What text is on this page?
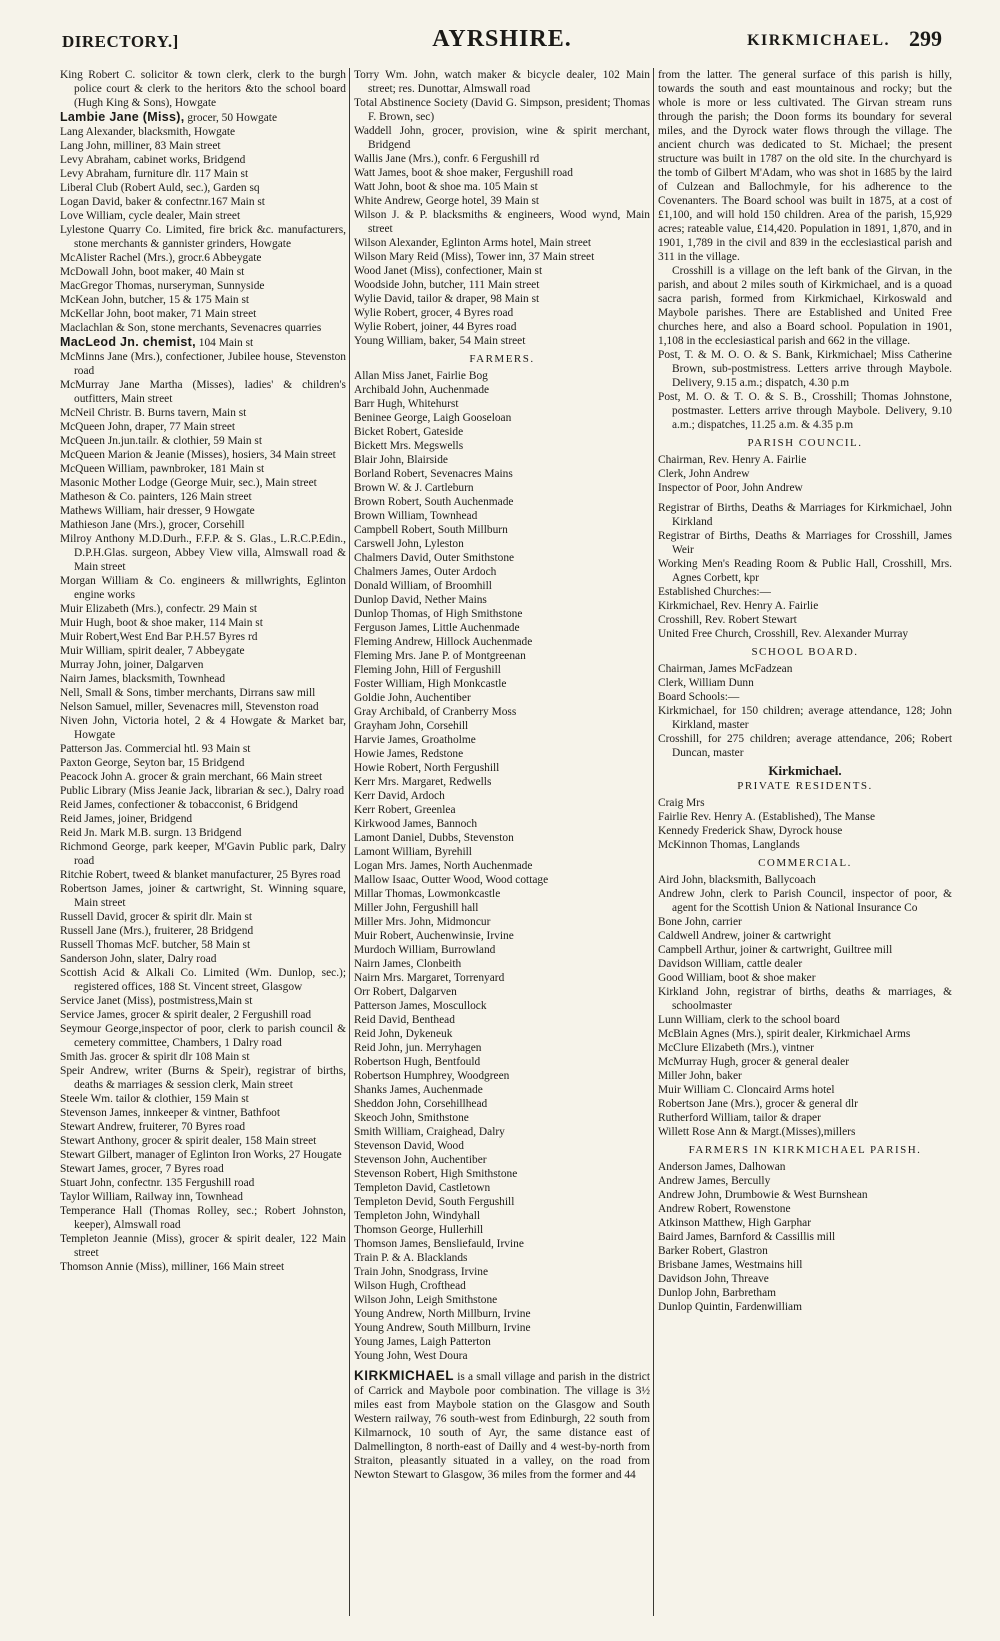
DIRECTORY.]	AYRSHIRE.	KIRKMICHAEL. 299

King Robert C. solicitor & town clerk, clerk to the burgh police court & clerk to the heritors &to the school board (Hugh King & Sons), Howgate

Lambie Jane (Miss), grocer, 50 Howgate

Lang Alexander, blacksmith, Howgate

Lang John, milliner, 83 Main street

Levy Abraham, cabinet works, Bridgend

Levy Abraham, furniture dlr. 117 Main st

Liberal Club (Robert Auld, sec.), Garden sq

Logan David, baker & confectnr.167 Main st

Love William, cycle dealer, Main street

Lylestone Quarry Co. Limited, fire brick &c. manufacturers, stone merchants & gannister grinders, Howgate

McAlister Rachel (Mrs.), grocr.6 Abbeygate

McDowall John, boot maker, 40 Main st

MacGregor Thomas, nurseryman, Sunnyside

McKean John, butcher, 15 & 175 Main st

McKellar John, boot maker, 71 Main street

Maclachlan & Son, stone merchants, Sevenacres quarries

MacLeod Jn. chemist, 104 Main st

McMinns Jane (Mrs.), confectioner, Jubilee house, Stevenston road

McMurray Jane Martha (Misses), ladies' & children's outfitters, Main street

McNeil Christr. B. Burns tavern, Main st

McQueen John, draper, 77 Main street

McQueen Jn.jun.tailr. & clothier, 59 Main st

McQueen Marion & Jeanie (Misses), hosiers, 34 Main street

McQueen William, pawnbroker, 181 Main st

Masonic Mother Lodge (George Muir, sec.), Main street

Matheson & Co. painters, 126 Main street

Mathews William, hair dresser, 9 Howgate

Mathieson Jane (Mrs.), grocer, Corsehill

Milroy Anthony M.D.Durh., F.F.P. & S. Glas., L.R.C.P.Edin., D.P.H.Glas. surgeon, Abbey View villa, Almswall road & Main street

Morgan William & Co. engineers & millwrights, Eglinton engine works

Muir Elizabeth (Mrs.), confectr. 29 Main st

Muir Hugh, boot & shoe maker, 114 Main st

Muir Robert,West End Bar P.H.57 Byres rd

Muir William, spirit dealer, 7 Abbeygate

Murray John, joiner, Dalgarven

Nairn James, blacksmith, Townhead

Nell, Small & Sons, timber merchants, Dirrans saw mill

Nelson Samuel, miller, Sevenacres mill, Stevenston road

Niven John, Victoria hotel, 2 & 4 Howgate & Market bar, Howgate

Patterson Jas. Commercial htl. 93 Main st

Paxton George, Seyton bar, 15 Bridgend

Peacock John A. grocer & grain merchant, 66 Main street

Public Library (Miss Jeanie Jack, librarian & sec.), Dalry road

Reid James, confectioner & tobacconist, 6 Bridgend

Reid James, joiner, Bridgend

Reid Jn. Mark M.B. surgn. 13 Bridgend

Richmond George, park keeper, M'Gavin Public park, Dalry road

Ritchie Robert, tweed & blanket manufacturer, 25 Byres road

Robertson James, joiner & cartwright, St. Winning square, Main street

Russell David, grocer & spirit dlr. Main st

Russell Jane (Mrs.), fruiterer, 28 Bridgend

Russell Thomas McF. butcher, 58 Main st

Sanderson John, slater, Dalry road

Scottish Acid & Alkali Co. Limited (Wm. Dunlop, sec.); registered offices, 188 St. Vincent street, Glasgow

Service Janet (Miss), postmistress,Main st

Service James, grocer & spirit dealer, 2 Fergushill road

Seymour George,inspector of poor, clerk to parish council & cemetery committee, Chambers, 1 Dalry road

Smith Jas. grocer & spirit dlr 108 Main st

Speir Andrew, writer (Burns & Speir), registrar of births, deaths & marriages & session clerk, Main street

Steele Wm. tailor & clothier, 159 Main st

Stevenson James, innkeeper & vintner, Bathfoot

Stewart Andrew, fruiterer, 70 Byres road

Stewart Anthony, grocer & spirit dealer, 158 Main street

Stewart Gilbert, manager of Eglinton Iron Works, 27 Hougate

Stewart James, grocer, 7 Byres road

Stuart John, confectnr. 135 Fergushill road

Taylor William, Railway inn, Townhead

Temperance Hall (Thomas Rolley, sec.; Robert Johnston, keeper), Almswall road

Templeton Jeannie (Miss), grocer & spirit dealer, 122 Main street

Thomson Annie (Miss), milliner, 166 Main street

Torry Wm. John, watch maker & bicycle dealer, 102 Main street; res. Dunottar, Almswall road

Total Abstinence Society (David G. Simpson, president; Thomas F. Brown, sec)

Waddell John, grocer, provision, wine & spirit merchant, Bridgend

Wallis Jane (Mrs.), confr. 6 Fergushill rd

Watt James, boot & shoe maker, Fergushill road

Watt John, boot & shoe ma. 105 Main st

White Andrew, George hotel, 39 Main st

Wilson J. & P. blacksmiths & engineers, Wood wynd, Main street

Wilson Alexander, Eglinton Arms hotel, Main street

Wilson Mary Reid (Miss), Tower inn, 37 Main street

Wood Janet (Miss), confectioner, Main st

Woodside John, butcher, 111 Main street

Wylie David, tailor & draper, 98 Main st

Wylie Robert, grocer, 4 Byres road

Wylie Robert, joiner, 44 Byres road

Young William, baker, 54 Main street

FARMERS.

Allan Miss Janet, Fairlie Bog

Archibald John, Auchenmade

Barr Hugh, Whitehurst

Beninee George, Laigh Gooseloan

Bicket Robert, Gateside

Bickett Mrs. Megswells

Blair John, Blairside

Borland Robert, Sevenacres Mains

Brown W. & J. Cartleburn

Brown Robert, South Auchenmade

Brown William, Townhead

Campbell Robert, South Millburn

Carswell John, Lyleston

Chalmers David, Outer Smithstone

Chalmers James, Outer Ardoch

Donald William, of Broomhill

Dunlop David, Nether Mains

Dunlop Thomas, of High Smithstone

Ferguson James, Little Auchenmade

Fleming Andrew, Hillock Auchenmade

Fleming Mrs. Jane P. of Montgreenan

Fleming John, Hill of Fergushill

Foster William, High Monkcastle

Goldie John, Auchentiber

Gray Archibald, of Cranberry Moss

Grayham John, Corsehill

Harvie James, Groatholme

Howie James, Redstone

Howie Robert, North Fergushill

Kerr Mrs. Margaret, Redwells

Kerr David, Ardoch

Kerr Robert, Greenlea

Kirkwood James, Bannoch

Lamont Daniel, Dubbs, Stevenston

Lamont William, Byrehill

Logan Mrs. James, North Auchenmade

Mallow Isaac, Outter Wood, Wood cottage

Millar Thomas, Lowmonkcastle

Miller John, Fergushill hall

Miller Mrs. John, Midmoncur

Muir Robert, Auchenwinsie, Irvine

Murdoch William, Burrowland

Nairn James, Clonbeith

Nairn Mrs. Margaret, Torrenyard

Orr Robert, Dalgarven

Patterson James, Moscullock

Reid David, Benthead

Reid John, Dykeneuk

Reid John, jun. Merryhagen

Robertson Hugh, Bentfould

Robertson Humphrey, Woodgreen

Shanks James, Auchenmade

Sheddon John, Corsehillhead

Skeoch John, Smithstone

Smith William, Craighead, Dalry

Stevenson David, Wood

Stevenson John, Auchentiber

Stevenson Robert, High Smithstone

Templeton David, Castletown

Templeton Devid, South Fergushill

Templeton John, Windyhall

Thomson George, Hullerhill

Thomson James, Bensliefauld, Irvine

Train P. & A. Blacklands

Train John, Snodgrass, Irvine

Wilson Hugh, Crofthead

Wilson John, Leigh Smithstone

Young Andrew, North Millburn, Irvine

Young Andrew, South Millburn, Irvine

Young James, Laigh Patterton

Young John, West Doura

KIRKMICHAEL is a small village and parish in the district of Carrick and Maybole poor combination. The village is 3½ miles east from Maybole station on the Glasgow and South Western railway, 76 south-west from Edinburgh, 22 south from Kilmarnock, 10 south of Ayr, the same distance east of Dalmellington, 8 north-east of Dailly and 4 west-by-north from Straiton, pleasantly situated in a valley, on the road from Newton Stewart to Glasgow, 36 miles from the former and 44

from the latter. The general surface of this parish is hilly, towards the south and east mountainous and rocky; but the whole is more or less cultivated. The Girvan stream runs through the parish; the Doon forms its boundary for several miles, and the Dyrock water flows through the village. The ancient church was dedicated to St. Michael; the present structure was built in 1787 on the old site. In the churchyard is the tomb of Gilbert M'Adam, who was shot in 1685 by the laird of Culzean and Ballochmyle, for his adherence to the Covenanters. The Board school was built in 1875, at a cost of £1,100, and will hold 150 children. Area of the parish, 15,929 acres; rateable value, £14,420. Population in 1891, 1,870, and in 1901, 1,789 in the civil and 839 in the ecclesiastical parish and 311 in the village.

Crosshill is a village on the left bank of the Girvan, in the parish, and about 2 miles south of Kirkmichael, and is a quoad sacra parish, formed from Kirkmichael, Kirkoswald and Maybole parishes. There are Established and United Free churches here, and also a Board school. Population in 1901, 1,108 in the ecclesiastical parish and 662 in the village.

Post, T. & M. O. O. & S. Bank, Kirkmichael; Miss Catherine Brown, sub-postmistress. Letters arrive through Maybole. Delivery, 9.15 a.m.; dispatch, 4.30 p.m

Post, M. O. & T. O. & S. B., Crosshill; Thomas Johnstone, postmaster. Letters arrive through Maybole. Delivery, 9.10 a.m.; dispatches, 11.25 a.m. & 4.35 p.m

PARISH COUNCIL.

Chairman, Rev. Henry A. Fairlie

Clerk, John Andrew

Inspector of Poor, John Andrew

Registrar of Births, Deaths & Marriages for Kirkmichael, John Kirkland

Registrar of Births, Deaths & Marriages for Crosshill, James Weir

Working Men's Reading Room & Public Hall, Crosshill, Mrs. Agnes Corbett, kpr

Established Churches:—

Kirkmichael, Rev. Henry A. Fairlie

Crosshill, Rev. Robert Stewart

United Free Church, Crosshill, Rev. Alexander Murray

SCHOOL BOARD.

Chairman, James McFadzean

Clerk, William Dunn

Board Schools:—

Kirkmichael, for 150 children; average attendance, 128; John Kirkland, master

Crosshill, for 275 children; average attendance, 206; Robert Duncan, master

Kirkmichael.
PRIVATE RESIDENTS.

Craig Mrs

Fairlie Rev. Henry A. (Established), The Manse

Kennedy Frederick Shaw, Dyrock house

McKinnon Thomas, Langlands

COMMERCIAL.

Aird John, blacksmith, Ballycoach

Andrew John, clerk to Parish Council, inspector of poor, & agent for the Scottish Union & National Insurance Co

Bone John, carrier

Caldwell Andrew, joiner & cartwright

Campbell Arthur, joiner & cartwright, Guiltree mill

Davidson William, cattle dealer

Good William, boot & shoe maker

Kirkland John, registrar of births, deaths & marriages, & schoolmaster

Lunn William, clerk to the school board

McBlain Agnes (Mrs.), spirit dealer, Kirkmichael Arms

McClure Elizabeth (Mrs.), vintner

McMurray Hugh, grocer & general dealer

Miller John, baker

Muir William C. Cloncaird Arms hotel

Robertson Jane (Mrs.), grocer & general dlr

Rutherford William, tailor & draper

Willett Rose Ann & Margt.(Misses),millers

FARMERS IN KIRKMICHAEL PARISH.

Anderson James, Dalhowan

Andrew James, Bercully

Andrew John, Drumbowie & West Burnshean

Andrew Robert, Rowenstone

Atkinson Matthew, High Garphar

Baird James, Barnford & Cassillis mill

Barker Robert, Glastron

Brisbane James, Westmains hill

Davidson John, Threave

Dunlop John, Barbretham

Dunlop Quintin, Fardenwilliam
